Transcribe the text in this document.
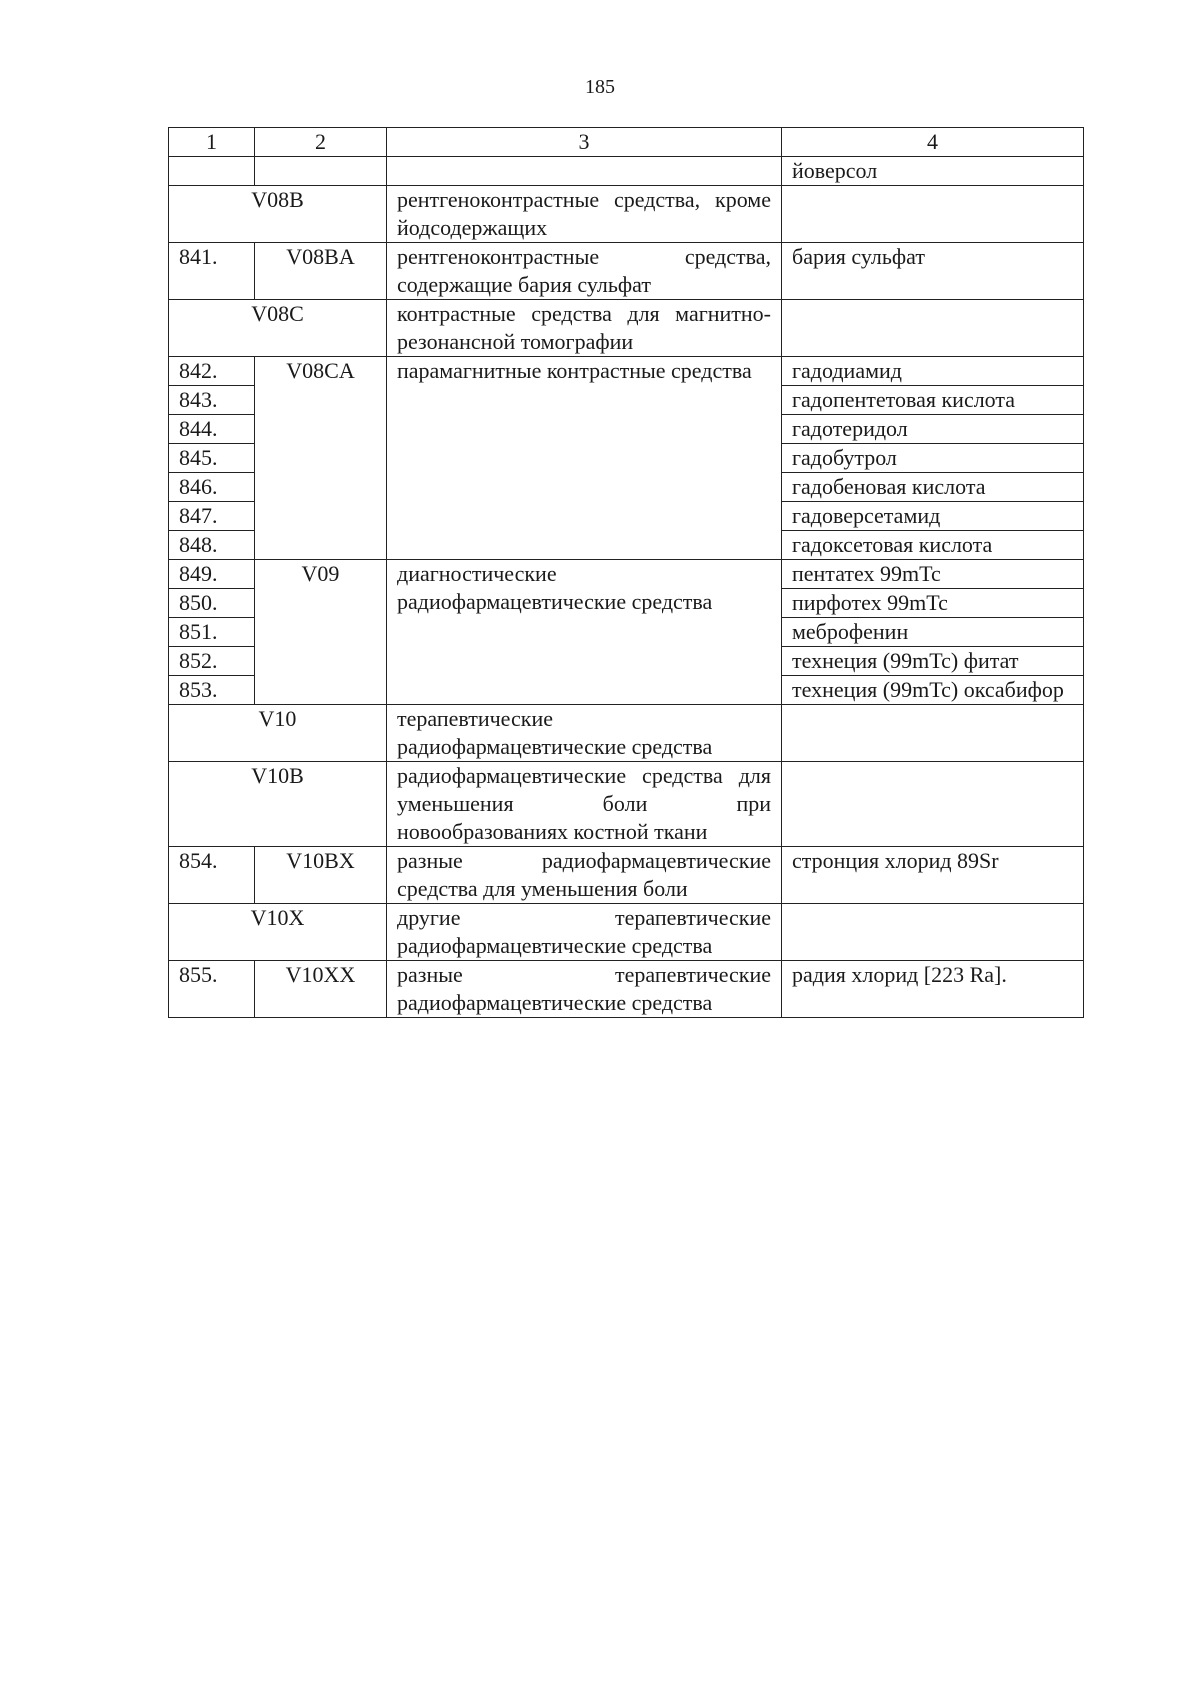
185
1	2	3	4
			йоверсол
V08B		рентгеноконтрастные средства, кроме йодсодержащих	
841.	V08BA	рентгеноконтрастные средства, содержащие бария сульфат	бария сульфат
V08C		контрастные средства для магнитно-резонансной томографии	
842.	V08CA	парамагнитные контрастные средства	гадодиамид
843.			гадопентетовая кислота
844.			гадотеридол
845.			гадобутрол
846.			гадобеновая кислота
847.			гадоверсетамид
848.			гадоксетовая кислота
849.	V09	диагностические радиофармацевтические средства	пентатех 99mTc
850.			пирфотех 99mTc
851.			меброфенин
852.			технеция (99mTc) фитат
853.			технеция (99mTc) оксабифор
V10		терапевтические радиофармацевтические средства	
V10B		радиофармацевтические средства для уменьшения боли при новообразованиях костной ткани	
854.	V10BX	разные радиофармацевтические средства для уменьшения боли	стронция хлорид 89Sr
V10X		другие терапевтические радиофармацевтические средства	
855.	V10XX	разные терапевтические радиофармацевтические средства	радия хлорид [223 Ra].
